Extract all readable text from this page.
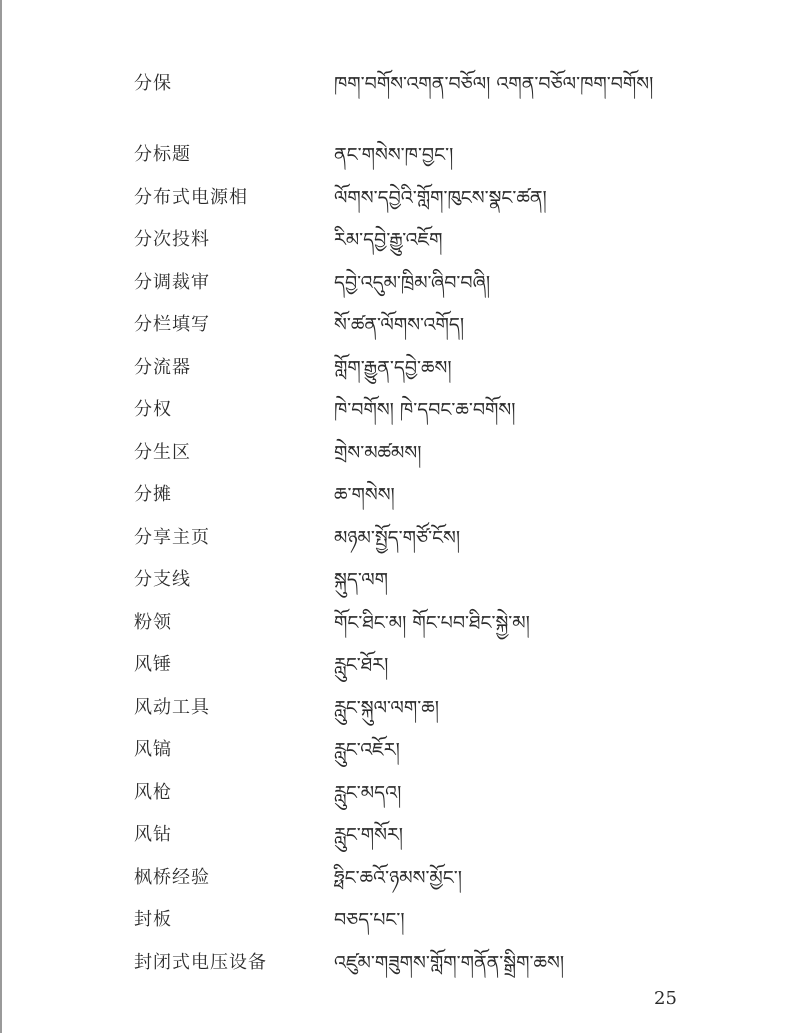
分保	ཁག་བགོས་འགན་བཅོལ། འགན་བཅོལ་ཁག་བགོས།
分标题	ནང་གསེས་ཁ་བྱང་།
分布式电源相	ལོགས་དབྱེའི་གློག་ཁུངས་སྣང་ཚན།
分次投料	རིམ་དབྱེ་རྒྱུ་འཇོག
分调裁审	དབྱེ་འདུམ་ཁྲིམ་ཞིབ་བཞི།
分栏填写	སོ་ཚན་ལོགས་འགོད།
分流器	གློག་རྒྱུན་དབྱེ་ཆས།
分权	ཁེ་བགོས། ཁེ་དབང་ཆ་བགོས།
分生区	གྲེས་མཚམས།
分摊	ཆ་གསེས།
分享主页	མཉམ་སྤྱོད་གཙོ་ངོས།
分支线	སྐུད་ལག
粉领	གོང་ཐིང་མ། གོང་པབ་ཐིང་སྐྱེ་མ།
风锤	རླུང་ཐོར།
风动工具	རླུང་སྐུལ་ལག་ཆ།
风镐	རླུང་འཇོར།
风枪	རླུང་མདའ།
风钻	རླུང་གསོར།
枫桥经验	ཧྥིང་ཆའོ་ཉམས་མྱོང་།
封板	བཅད་པང་།
封闭式电压设备	འཛུམ་གཟུགས་གློག་གནོན་སྒྲིག་ཆས།
25
